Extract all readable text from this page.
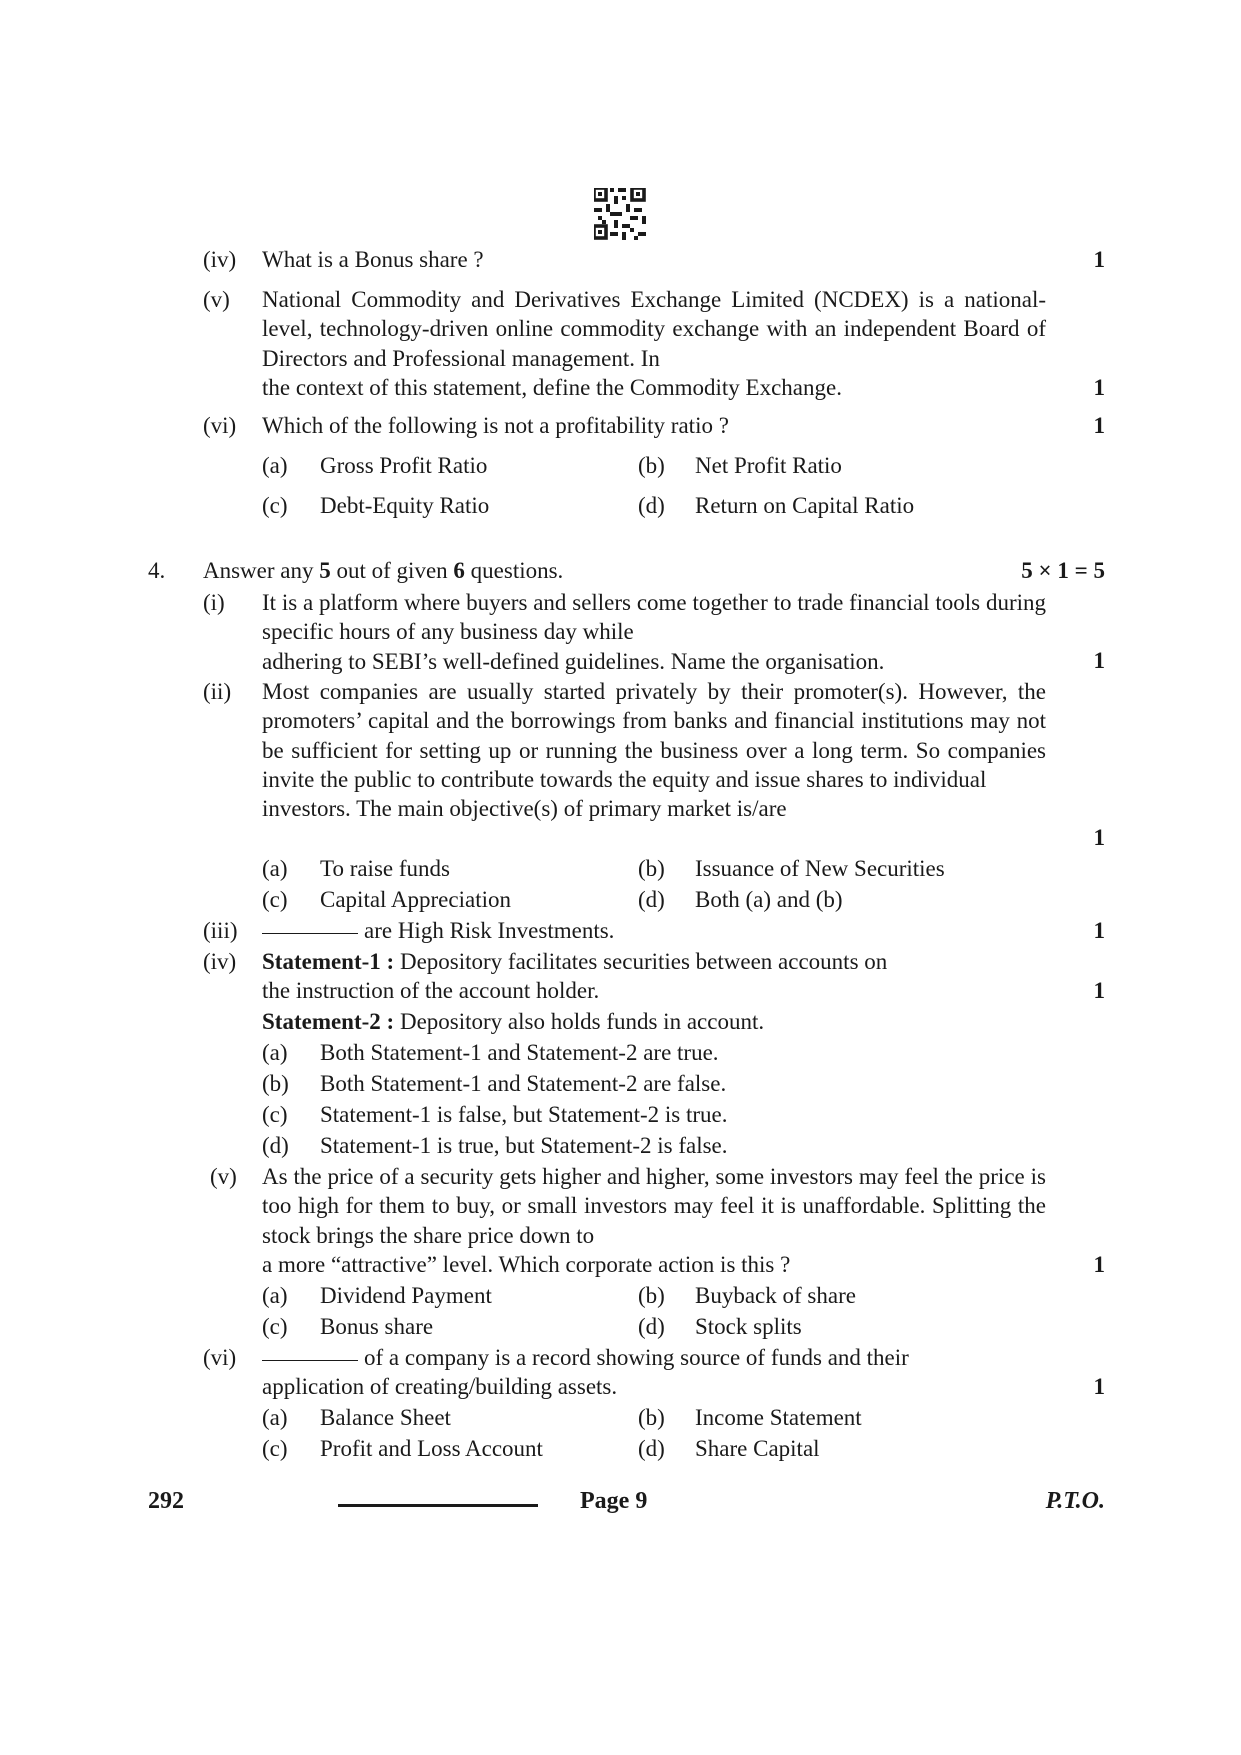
(iv) What is a Bonus share ?	1
(v) National Commodity and Derivatives Exchange Limited (NCDEX) is a national-level, technology-driven online commodity exchange with an independent Board of Directors and Professional management. In
the context of this statement, define the Commodity Exchange.	1
(vi) Which of the following is not a profitability ratio ?	1
(a) Gross Profit Ratio	(b) Net Profit Ratio
(c) Debt-Equity Ratio	(d) Return on Capital Ratio
4. Answer any 5 out of given 6 questions.	5 × 1 = 5
(i) It is a platform where buyers and sellers come together to trade financial tools during specific hours of any business day while
adhering to SEBI’s well-defined guidelines. Name the organisation.	1
(ii) Most companies are usually started privately by their promoter(s). However, the promoters’ capital and the borrowings from banks and financial institutions may not be sufficient for setting up or running the business over a long term. So companies invite the public to contribute towards the equity and issue shares to individual
investors. The main objective(s) of primary market is/are
1
(a) To raise funds	(b) Issuance of New Securities
(c) Capital Appreciation	(d) Both (a) and (b)
(iii)	are High Risk Investments.	1
(iv) Statement-1 : Depository facilitates securities between accounts on
the instruction of the account holder.	1
Statement-2 : Depository also holds funds in account.
(a) Both Statement-1 and Statement-2 are true.
(b) Both Statement-1 and Statement-2 are false.
(c) Statement-1 is false, but Statement-2 is true.
(d) Statement-1 is true, but Statement-2 is false.
(v) As the price of a security gets higher and higher, some investors may feel the price is too high for them to buy, or small investors may feel it is unaffordable. Splitting the stock brings the share price down to
a more “attractive” level. Which corporate action is this ?	1
(a) Dividend Payment	(b) Buyback of share
(c) Bonus share	(d) Stock splits
(vi)	of a company is a record showing source of funds and their
application of creating/building assets.	1
(a) Balance Sheet	(b) Income Statement
(c) Profit and Loss Account	(d) Share Capital
292	Page 9	P.T.O.
